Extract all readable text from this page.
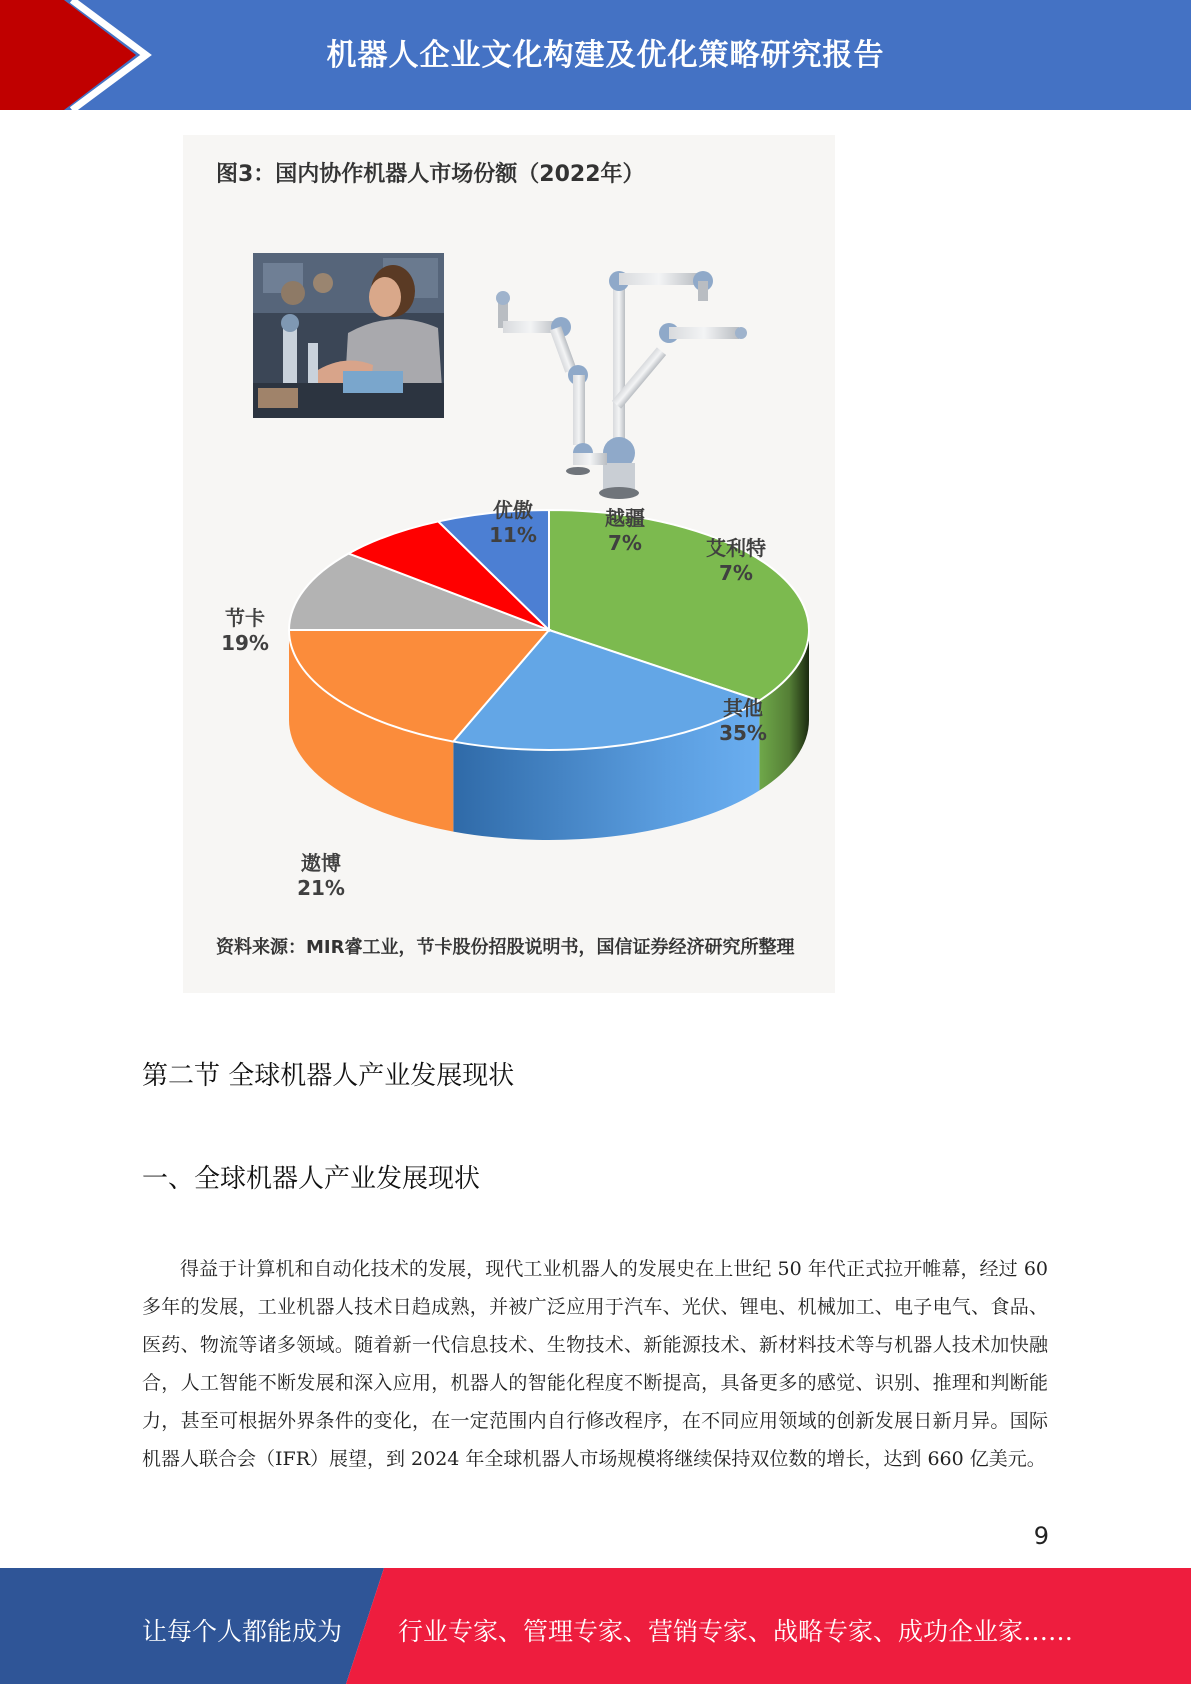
机器人企业文化构建及优化策略研究报告
图3：国内协作机器人市场份额（2022年）
其他
35%
遨博
21%
节卡
19%
优傲
11%
越疆
7%	艾利特
7%
资料来源：MIR睿工业，节卡股份招股说明书，国信证券经济研究所整理
第二节 全球机器人产业发展现状
一、全球机器人产业发展现状
得益于计算机和自动化技术的发展，现代工业机器人的发展史在上世纪 50 年代正式拉开帷幕，经过 60 多年的发展，工业机器人技术日趋成熟，并被广泛应用于汽车、光伏、锂电、机械加工、电子电气、食品、医药、物流等诸多领域。随着新一代信息技术、生物技术、新能源技术、新材料技术等与机器人技术加快融合，人工智能不断发展和深入应用，机器人的智能化程度不断提高，具备更多的感觉、识别、推理和判断能力，甚至可根据外界条件的变化，在一定范围内自行修改程序，在不同应用领域的创新发展日新月异。国际机器人联合会（IFR）展望，到 2024 年全球机器人市场规模将继续保持双位数的增长，达到 660 亿美元。
9
让每个人都能成为 行业专家、管理专家、营销专家、战略专家、成功企业家……
